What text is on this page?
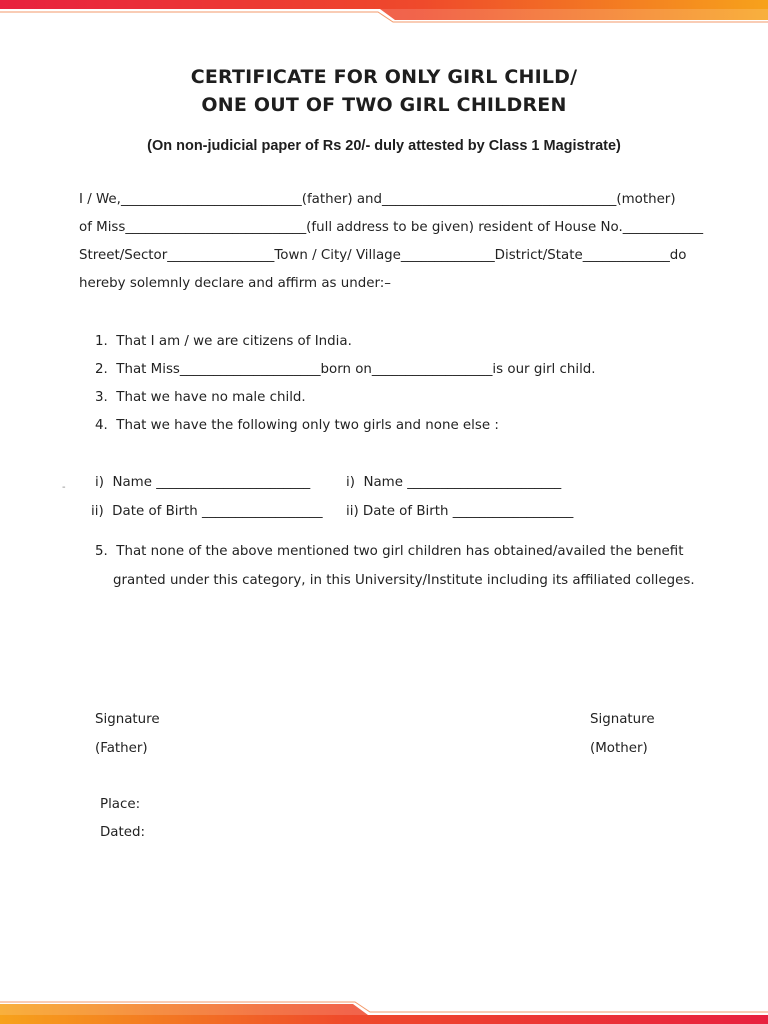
CERTIFICATE FOR ONLY GIRL CHILD/
ONE OUT OF TWO GIRL CHILDREN
(On non-judicial paper of Rs 20/- duly attested by Class 1 Magistrate)
I / We,___________________________(father) and___________________________________(mother)
of Miss___________________________(full address to be given) resident of House No.____________
Street/Sector________________Town / City/ Village______________District/State_____________do
hereby solemnly declare and affirm as under:–
1.  That I am / we are citizens of India.
2.  That Miss_____________________born on__________________is our girl child.
3.  That we have no male child.
4.  That we have the following only two girls and none else :
- i)  Name _______________________
ii)  Date of Birth __________________
i)  Name _______________________
ii) Date of Birth __________________
5.  That none of the above mentioned two girl children has obtained/availed the benefit
granted under this category, in this University/Institute including its affiliated colleges.
Signature
(Father)
Signature
(Mother)
Place:
Dated:
